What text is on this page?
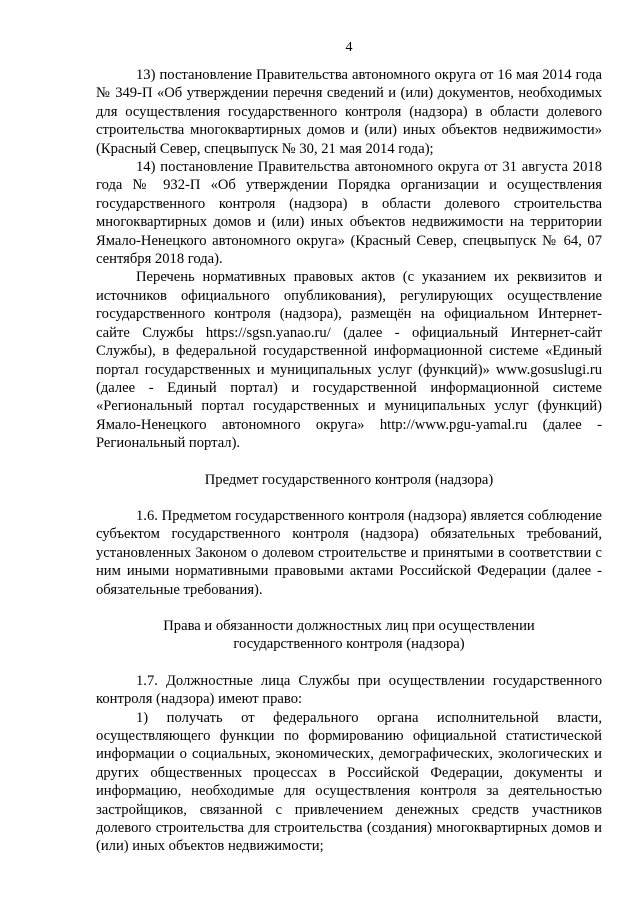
4

13) постановление Правительства автономного округа от 16 мая 2014 года № 349-П «Об утверждении перечня сведений и (или) документов, необходимых для осуществления государственного контроля (надзора) в области долевого строительства многоквартирных домов и (или) иных объектов недвижимости» (Красный Север, спецвыпуск № 30, 21 мая 2014 года);

14) постановление Правительства автономного округа от 31 августа 2018 года № 932-П «Об утверждении Порядка организации и осуществления государственного контроля (надзора) в области долевого строительства многоквартирных домов и (или) иных объектов недвижимости на территории Ямало-Ненецкого автономного округа» (Красный Север, спецвыпуск № 64, 07 сентября 2018 года).

Перечень нормативных правовых актов (с указанием их реквизитов и источников официального опубликования), регулирующих осуществление государственного контроля (надзора), размещён на официальном Интернет-сайте Службы https://sgsn.yanao.ru/ (далее - официальный Интернет-сайт Службы), в федеральной государственной информационной системе «Единый портал государственных и муниципальных услуг (функций)» www.gosuslugi.ru (далее - Единый портал) и государственной информационной системе «Региональный портал государственных и муниципальных услуг (функций) Ямало-Ненецкого автономного округа» http://www.pgu-yamal.ru (далее - Региональный портал).

Предмет государственного контроля (надзора)

1.6. Предметом государственного контроля (надзора) является соблюдение субъектом государственного контроля (надзора) обязательных требований, установленных Законом о долевом строительстве и принятыми в соответствии с ним иными нормативными правовыми актами Российской Федерации (далее - обязательные требования).

Права и обязанности должностных лиц при осуществлении

государственного контроля (надзора)

1.7. Должностные лица Службы при осуществлении государственного контроля (надзора) имеют право:

1) получать от федерального органа исполнительной власти, осуществляющего функции по формированию официальной статистической информации о социальных, экономических, демографических, экологических и других общественных процессах в Российской Федерации, документы и информацию, необходимые для осуществления контроля за деятельностью застройщиков, связанной с привлечением денежных средств участников долевого строительства для строительства (создания) многоквартирных домов и (или) иных объектов недвижимости;
